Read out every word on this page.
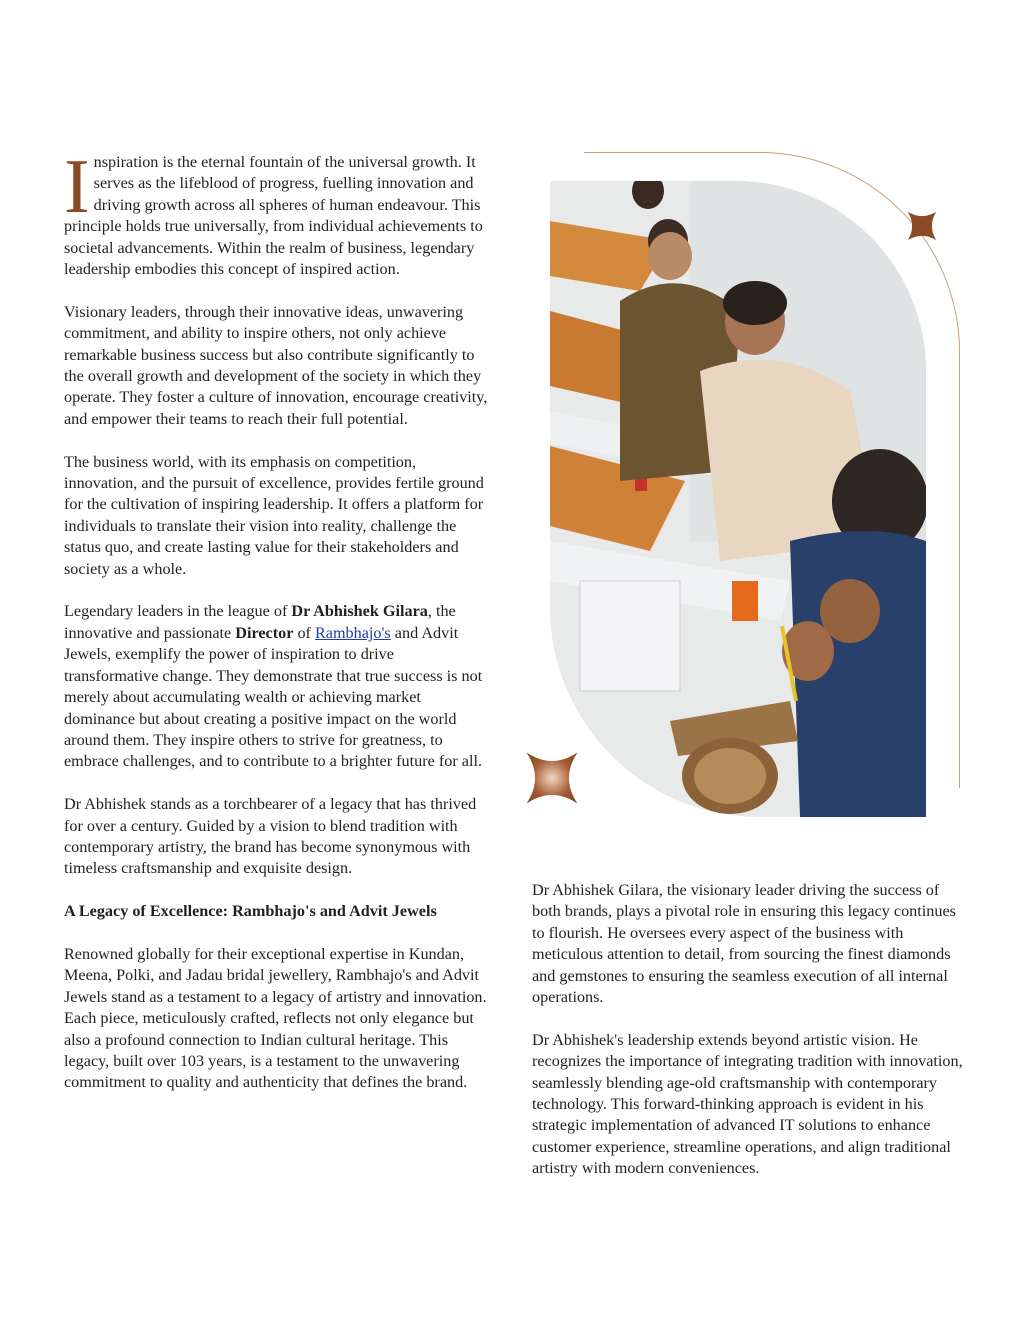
Inspiration is the eternal fountain of the universal growth. It serves as the lifeblood of progress, fuelling innovation and driving growth across all spheres of human endeavour. This principle holds true universally, from individual achievements to societal advancements. Within the realm of business, legendary leadership embodies this concept of inspired action.

Visionary leaders, through their innovative ideas, unwavering commitment, and ability to inspire others, not only achieve remarkable business success but also contribute significantly to the overall growth and development of the society in which they operate. They foster a culture of innovation, encourage creativity, and empower their teams to reach their full potential.

The business world, with its emphasis on competition, innovation, and the pursuit of excellence, provides fertile ground for the cultivation of inspiring leadership. It offers a platform for individuals to translate their vision into reality, challenge the status quo, and create lasting value for their stakeholders and society as a whole.

Legendary leaders in the league of Dr Abhishek Gilara, the innovative and passionate Director of Rambhajo's and Advit Jewels, exemplify the power of inspiration to drive transformative change. They demonstrate that true success is not merely about accumulating wealth or achieving market dominance but about creating a positive impact on the world around them. They inspire others to strive for greatness, to embrace challenges, and to contribute to a brighter future for all.

Dr Abhishek stands as a torchbearer of a legacy that has thrived for over a century. Guided by a vision to blend tradition with contemporary artistry, the brand has become synonymous with timeless craftsmanship and exquisite design.

A Legacy of Excellence: Rambhajo's and Advit Jewels

Renowned globally for their exceptional expertise in Kundan, Meena, Polki, and Jadau bridal jewellery, Rambhajo's and Advit Jewels stand as a testament to a legacy of artistry and innovation. Each piece, meticulously crafted, reflects not only elegance but also a profound connection to Indian cultural heritage. This legacy, built over 103 years, is a testament to the unwavering commitment to quality and authenticity that defines the brand.

Dr Abhishek Gilara, the visionary leader driving the success of both brands, plays a pivotal role in ensuring this legacy continues to flourish. He oversees every aspect of the business with meticulous attention to detail, from sourcing the finest diamonds and gemstones to ensuring the seamless execution of all internal operations.

Dr Abhishek's leadership extends beyond artistic vision. He recognizes the importance of integrating tradition with innovation, seamlessly blending age-old craftsmanship with contemporary technology. This forward-thinking approach is evident in his strategic implementation of advanced IT solutions to enhance customer experience, streamline operations, and align traditional artistry with modern conveniences.
